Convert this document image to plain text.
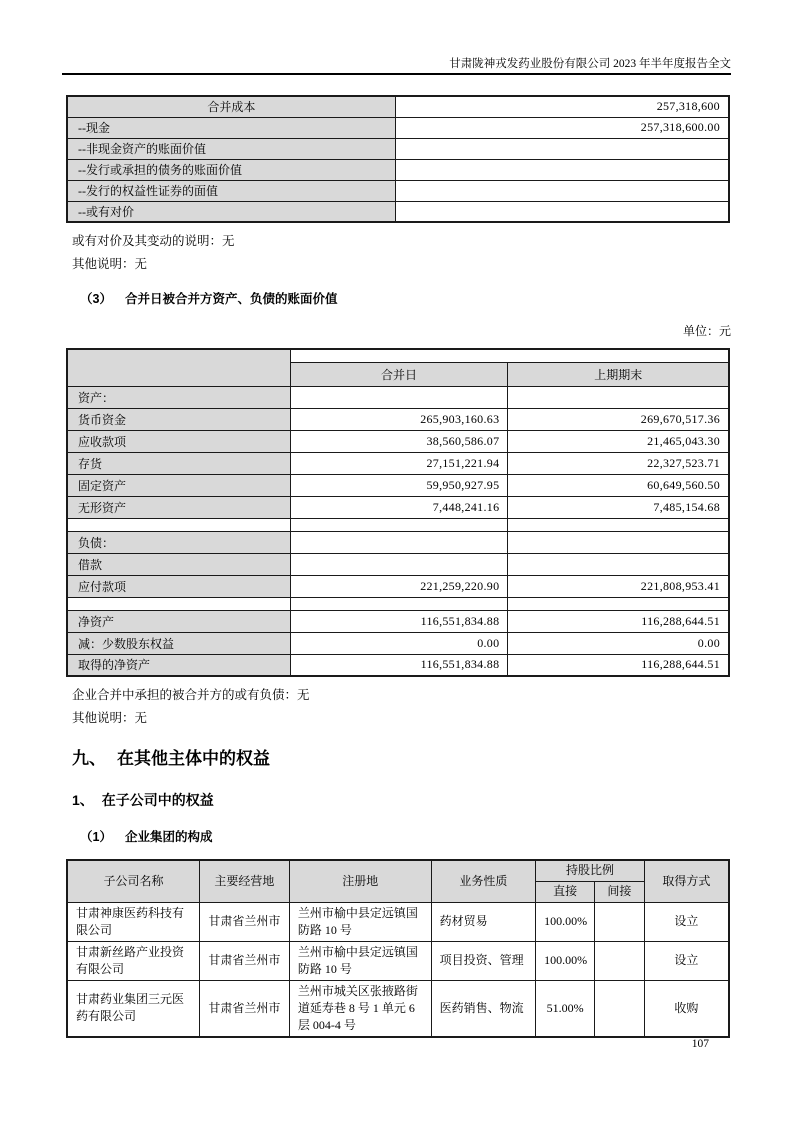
甘肃陇神戎发药业股份有限公司 2023 年半年度报告全文
合并成本	257,318,600
--现金	257,318,600.00
--非现金资产的账面价值	
--发行或承担的债务的账面价值	
--发行的权益性证券的面值	
--或有对价	
或有对价及其变动的说明：无
其他说明：无
（3） 合并日被合并方资产、负债的账面价值
单位：元

	合并日	上期期末
资产：		
货币资金	265,903,160.63	269,670,517.36
应收款项	38,560,586.07	21,465,043.30
存货	27,151,221.94	22,327,523.71
固定资产	59,950,927.95	60,649,560.50
无形资产	7,448,241.16	7,485,154.68

负债：		
借款		
应付款项	221,259,220.90	221,808,953.41

净资产	116,551,834.88	116,288,644.51
减：少数股东权益	0.00	0.00
取得的净资产	116,551,834.88	116,288,644.51
企业合并中承担的被合并方的或有负债：无
其他说明：无
九、 在其他主体中的权益
1、 在子公司中的权益
（1） 企业集团的构成
子公司名称	主要经营地	注册地	业务性质	持股比例		取得方式
				直接	间接	
甘肃神康医药科技有限公司	甘肃省兰州市	兰州市榆中县定远镇国防路 10 号	药材贸易	100.00%		设立
甘肃新丝路产业投资有限公司	甘肃省兰州市	兰州市榆中县定远镇国防路 10 号	项目投资、管理	100.00%		设立
甘肃药业集团三元医药有限公司	甘肃省兰州市	兰州市城关区张掖路街道延寿巷 8 号 1 单元 6 层 004-4 号	医药销售、物流	51.00%		收购
107
